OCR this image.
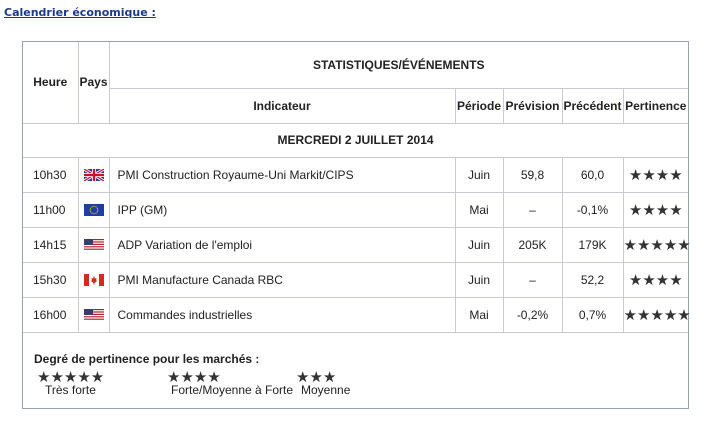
Calendrier économique :
Heure	Pays	STATISTIQUES/ÉVÉNEMENTS				
		Indicateur	Période	Prévision	Précédent	Pertinence
MERCREDI 2 JUILLET 2014						
10h30		PMI Construction Royaume-Uni Markit/CIPS	Juin	59,8	60,0	★★★★
11h00		IPP (GM)	Mai	–	-0,1%	★★★★
14h15		ADP Variation de l'emploi	Juin	205K	179K	★★★★★
15h30		PMI Manufacture Canada RBC	Juin	–	52,2	★★★★
16h00		Commandes industrielles	Mai	-0,2%	0,7%	★★★★★
Degré de pertinence pour les marchés :
★★★★★
Très forte
★★★★
Forte/Moyenne à Forte
★★★
Moyenne
